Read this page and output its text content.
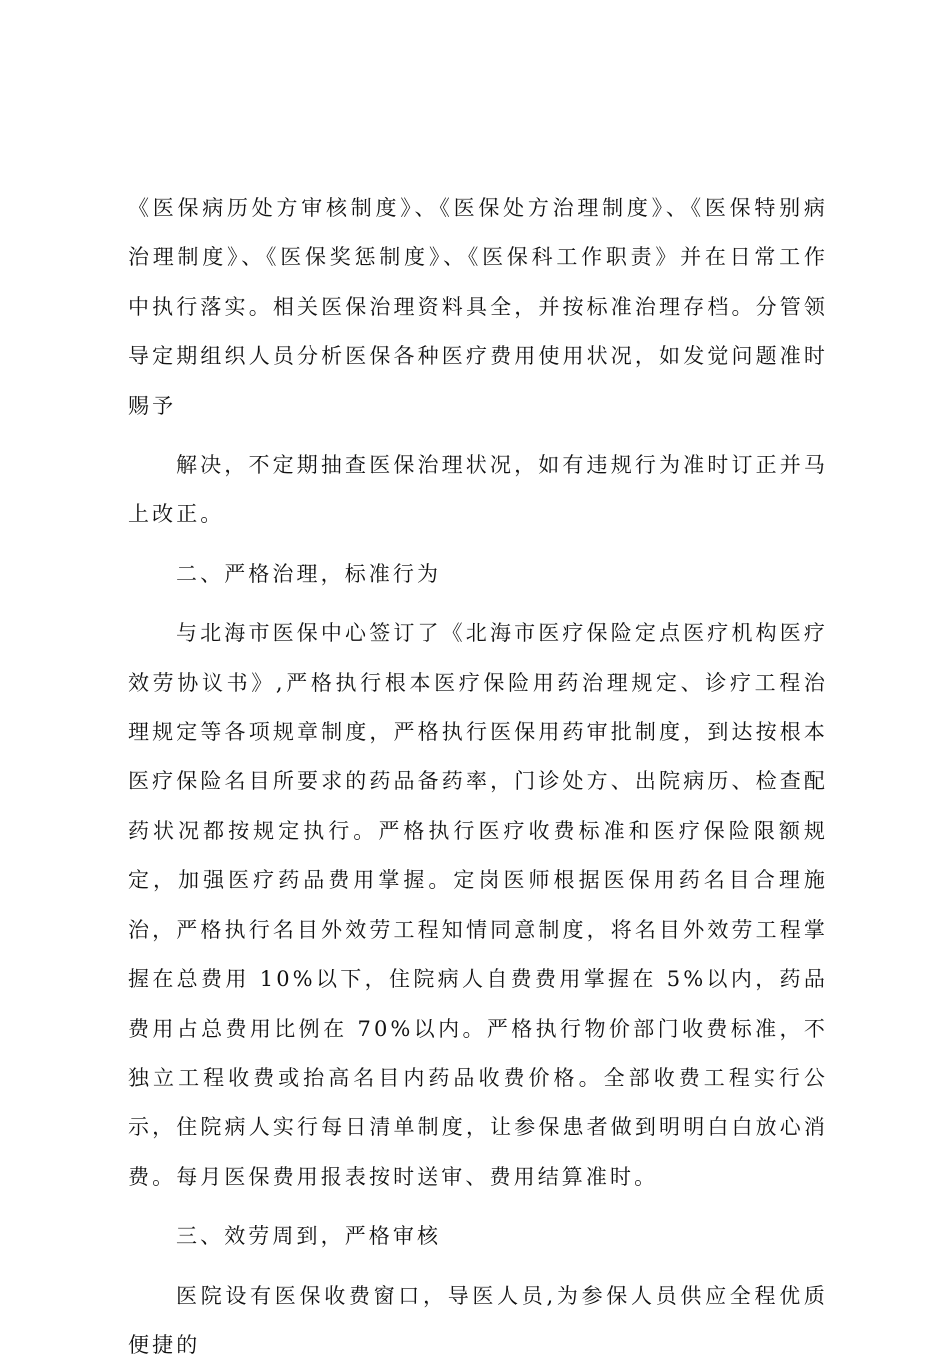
《医保病历处方审核制度》、《医保处方治理制度》、《医保特别病治理制度》、《医保奖惩制度》、《医保科工作职责》并在日常工作中执行落实。相关医保治理资料具全，并按标准治理存档。分管领导定期组织人员分析医保各种医疗费用使用状况，如发觉问题准时赐予

解决，不定期抽查医保治理状况，如有违规行为准时订正并马上改正。

二、严格治理，标准行为

与北海市医保中心签订了《北海市医疗保险定点医疗机构医疗效劳协议书》,严格执行根本医疗保险用药治理规定、诊疗工程治理规定等各项规章制度，严格执行医保用药审批制度，到达按根本医疗保险名目所要求的药品备药率，门诊处方、出院病历、检查配药状况都按规定执行。严格执行医疗收费标准和医疗保险限额规定，加强医疗药品费用掌握。定岗医师根据医保用药名目合理施治，严格执行名目外效劳工程知情同意制度，将名目外效劳工程掌握在总费用 10%以下，住院病人自费费用掌握在 5%以内，药品费用占总费用比例在 70%以内。严格执行物价部门收费标准，不独立工程收费或抬高名目内药品收费价格。全部收费工程实行公示，住院病人实行每日清单制度，让参保患者做到明明白白放心消费。每月医保费用报表按时送审、费用结算准时。

三、效劳周到，严格审核

医院设有医保收费窗口，导医人员,为参保人员供应全程优质便捷的
